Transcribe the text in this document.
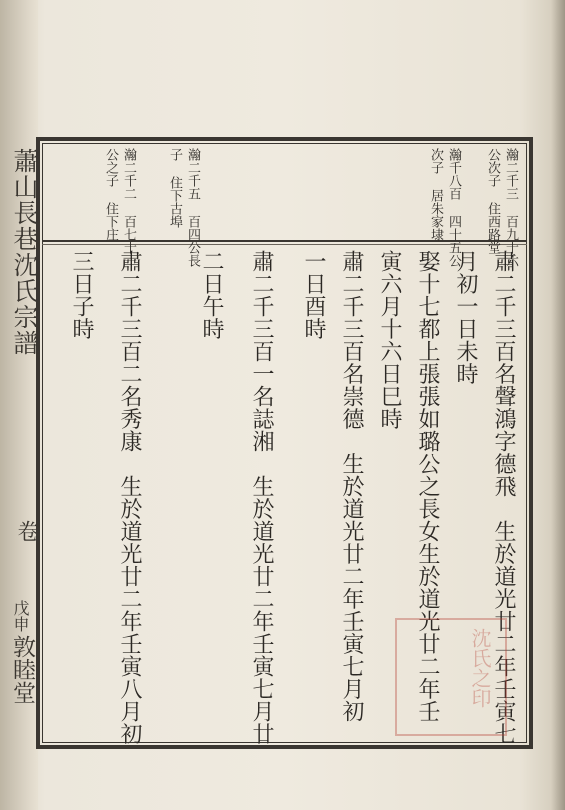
蕭山長巷沈氏宗譜
卷
戊申
敦睦堂
瀚二千三 百九十六
公次子 住西路堂
瀚千八百 四十五公
次子 居朱家埭
瀚二千五 百四公長
子 住下古埠
瀚二千二 百七十一
公之子 住下庄
肅二千三百名聲鴻字德飛　生於道光廿二年壬寅七
月初一日未時
娶十七都上張張如璐公之長女生於道光廿二年壬
寅六月十六日巳時
肅二千三百名崇德　生於道光廿二年壬寅七月初
一日酉時
肅二千三百一名誌湘　生於道光廿二年壬寅七月廿
二日午時
肅二千三百二名秀康　生於道光廿二年壬寅八月初
三日子時
沈氏之印
